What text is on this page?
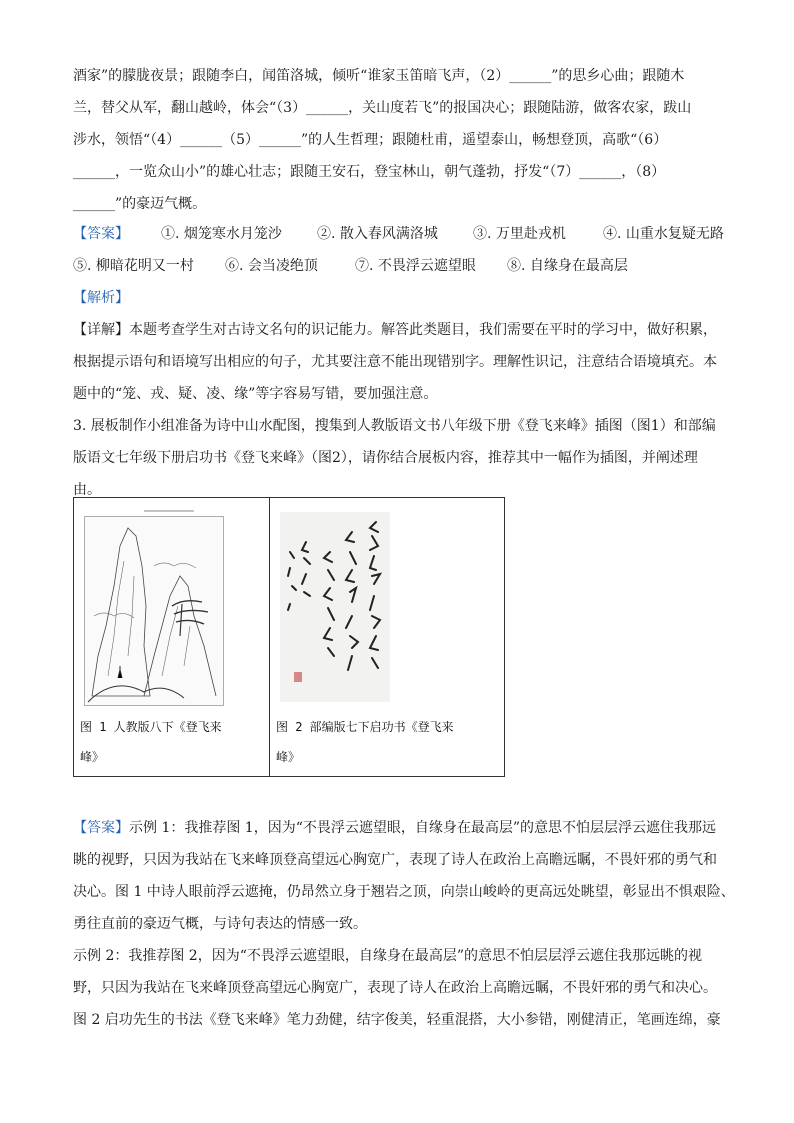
酒家”的朦胧夜景；跟随李白，闻笛洛城，倾听“谁家玉笛暗飞声，（2）______”的思乡心曲；跟随木
兰，替父从军，翻山越岭，体会“（3）______，关山度若飞”的报国决心；跟随陆游，做客农家，跋山
涉水，领悟“（4）______（5）______”的人生哲理；跟随杜甫，遥望泰山，畅想登顶，高歌“（6）
______，一览众山小”的雄心壮志；跟随王安石，登宝林山，朝气蓬勃，抒发“（7）______，（8）
______”的豪迈气概。
【答案】 ①. 烟笼寒水月笼沙	②. 散入春风满洛城	③. 万里赴戎机	④. 山重水复疑无路
⑤. 柳暗花明又一村 ⑥. 会当凌绝顶	⑦. 不畏浮云遮望眼 ⑧. 自缘身在最高层
【解析】
【详解】本题考查学生对古诗文名句的识记能力。解答此类题目，我们需要在平时的学习中，做好积累，
根据提示语句和语境写出相应的句子，尤其要注意不能出现错别字。理解性识记，注意结合语境填充。本
题中的“笼、戎、疑、凌、缘”等字容易写错，要加强注意。
3. 展板制作小组准备为诗中山水配图，搜集到人教版语文书八年级下册《登飞来峰》插图（图1）和部编
版语文七年级下册启功书《登飞来峰》（图2），请你结合展板内容，推荐其中一幅作为插图，并阐述理
由。
图 1 人教版八下《登飞来
峰》
图 2 部编版七下启功书《登飞来
峰》
【答案】示例 1：我推荐图 1，因为“不畏浮云遮望眼，自缘身在最高层”的意思不怕层层浮云遮住我那远
眺的视野，只因为我站在飞来峰顶登高望远心胸宽广，表现了诗人在政治上高瞻远瞩，不畏奸邪的勇气和
决心。图 1 中诗人眼前浮云遮掩，仍昂然立身于翘岩之顶，向崇山峻岭的更高远处眺望，彰显出不惧艰险、
勇往直前的豪迈气概，与诗句表达的情感一致。
示例 2：我推荐图 2，因为“不畏浮云遮望眼，自缘身在最高层”的意思不怕层层浮云遮住我那远眺的视
野，只因为我站在飞来峰顶登高望远心胸宽广，表现了诗人在政治上高瞻远瞩，不畏奸邪的勇气和决心。
图 2 启功先生的书法《登飞来峰》笔力劲健，结字俊美，轻重混搭，大小参错，刚健清正，笔画连绵，豪
